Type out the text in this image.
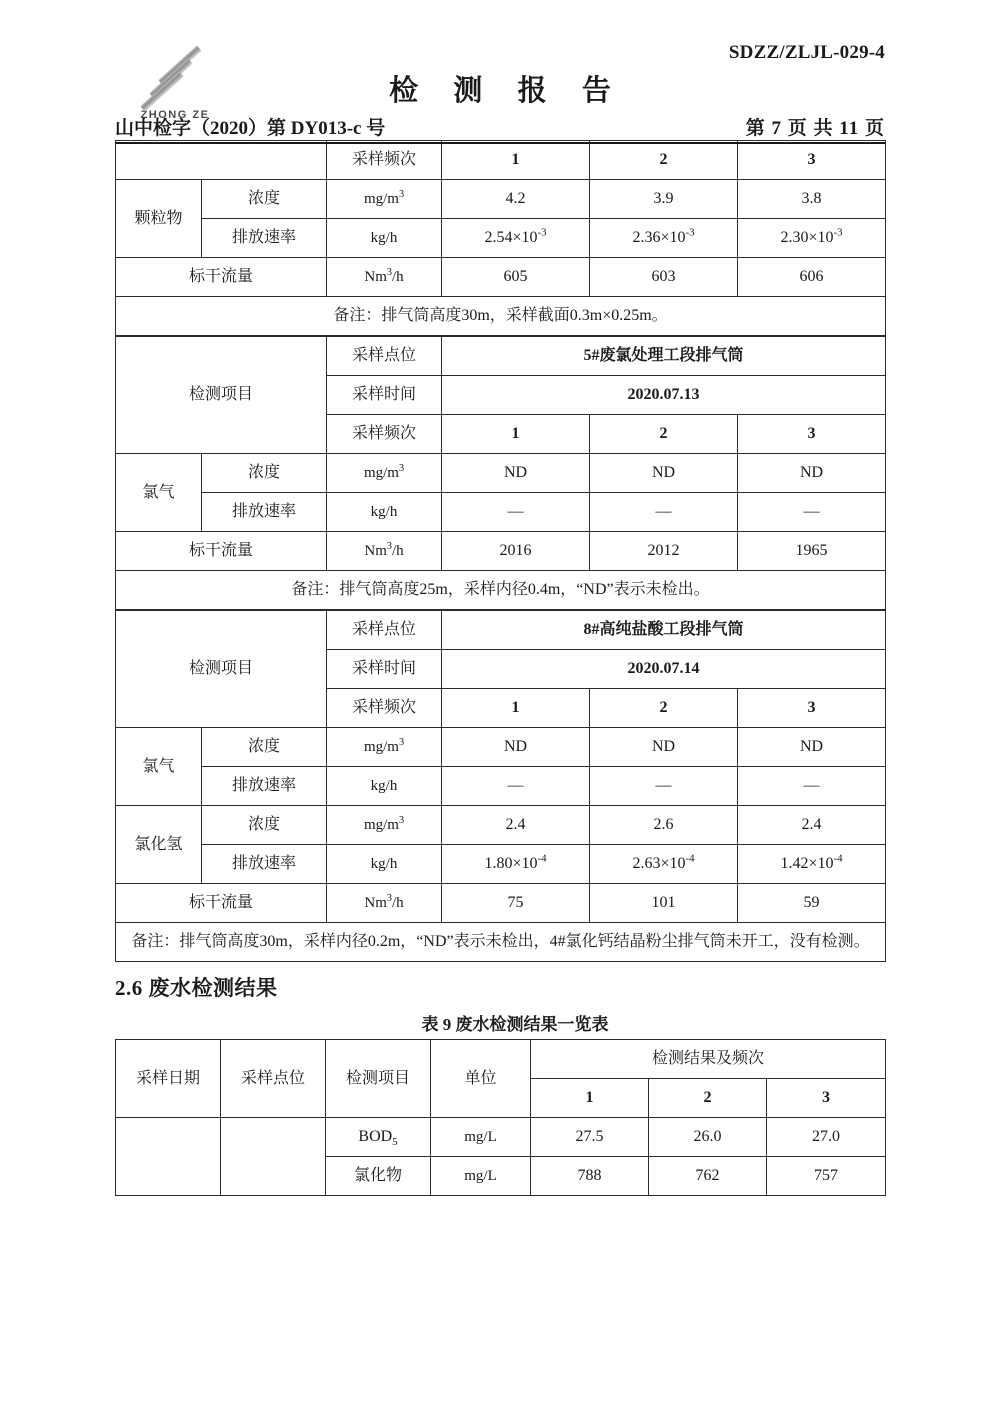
ZHONG ZE
SDZZ/ZLJL-029-4
检 测 报 告
山中检字（2020）第 DY013-c 号	第 7 页 共 11 页
		采样频次	1	2	3
颗粒物	浓度	$mg/m^3$	4.2	3.9	3.8
	排放速率	kg/h	$2.54\times 10^{-3}$	$2.36\times 10^{-3}$	$2.30\times 10^{-3}$
标干流量		Nm$^3$/h	605	603	606
备注：排气筒高度30m，采样截面0.3m×0.25m。					
检测项目		采样点位	5#废氯处理工段排气筒		
		采样时间	2020.07.13		
		采样频次	1	2	3
氯气	浓度	$mg/m^3$	ND	ND	ND
	排放速率	kg/h	—	—	—
标干流量		Nm$^3$/h	2016	2012	1965
备注：排气筒高度25m，采样内径0.4m，“ND”表示未检出。					
检测项目		采样点位	8#高纯盐酸工段排气筒		
		采样时间	2020.07.14		
		采样频次	1	2	3
氯气	浓度	$mg/m^3$	ND	ND	ND
	排放速率	kg/h	—	—	—
氯化氢	浓度	$mg/m^3$	2.4	2.6	2.4
	排放速率	kg/h	$1.80\times 10^{-4}$	$2.63\times 10^{-4}$	$1.42\times 10^{-4}$
标干流量		Nm$^3$/h	75	101	59
备注：排气筒高度30m，采样内径0.2m，“ND”表示未检出，4#氯化钙结晶粉尘排气筒未开工，没有检测。					
2.6 废水检测结果
表 9 废水检测结果一览表
采样日期	采样点位	检测项目	单位	检测结果及频次		
				1	2	3
		$BOD_5$	mg/L	27.5	26.0	27.0
		氯化物	mg/L	788	762	757
